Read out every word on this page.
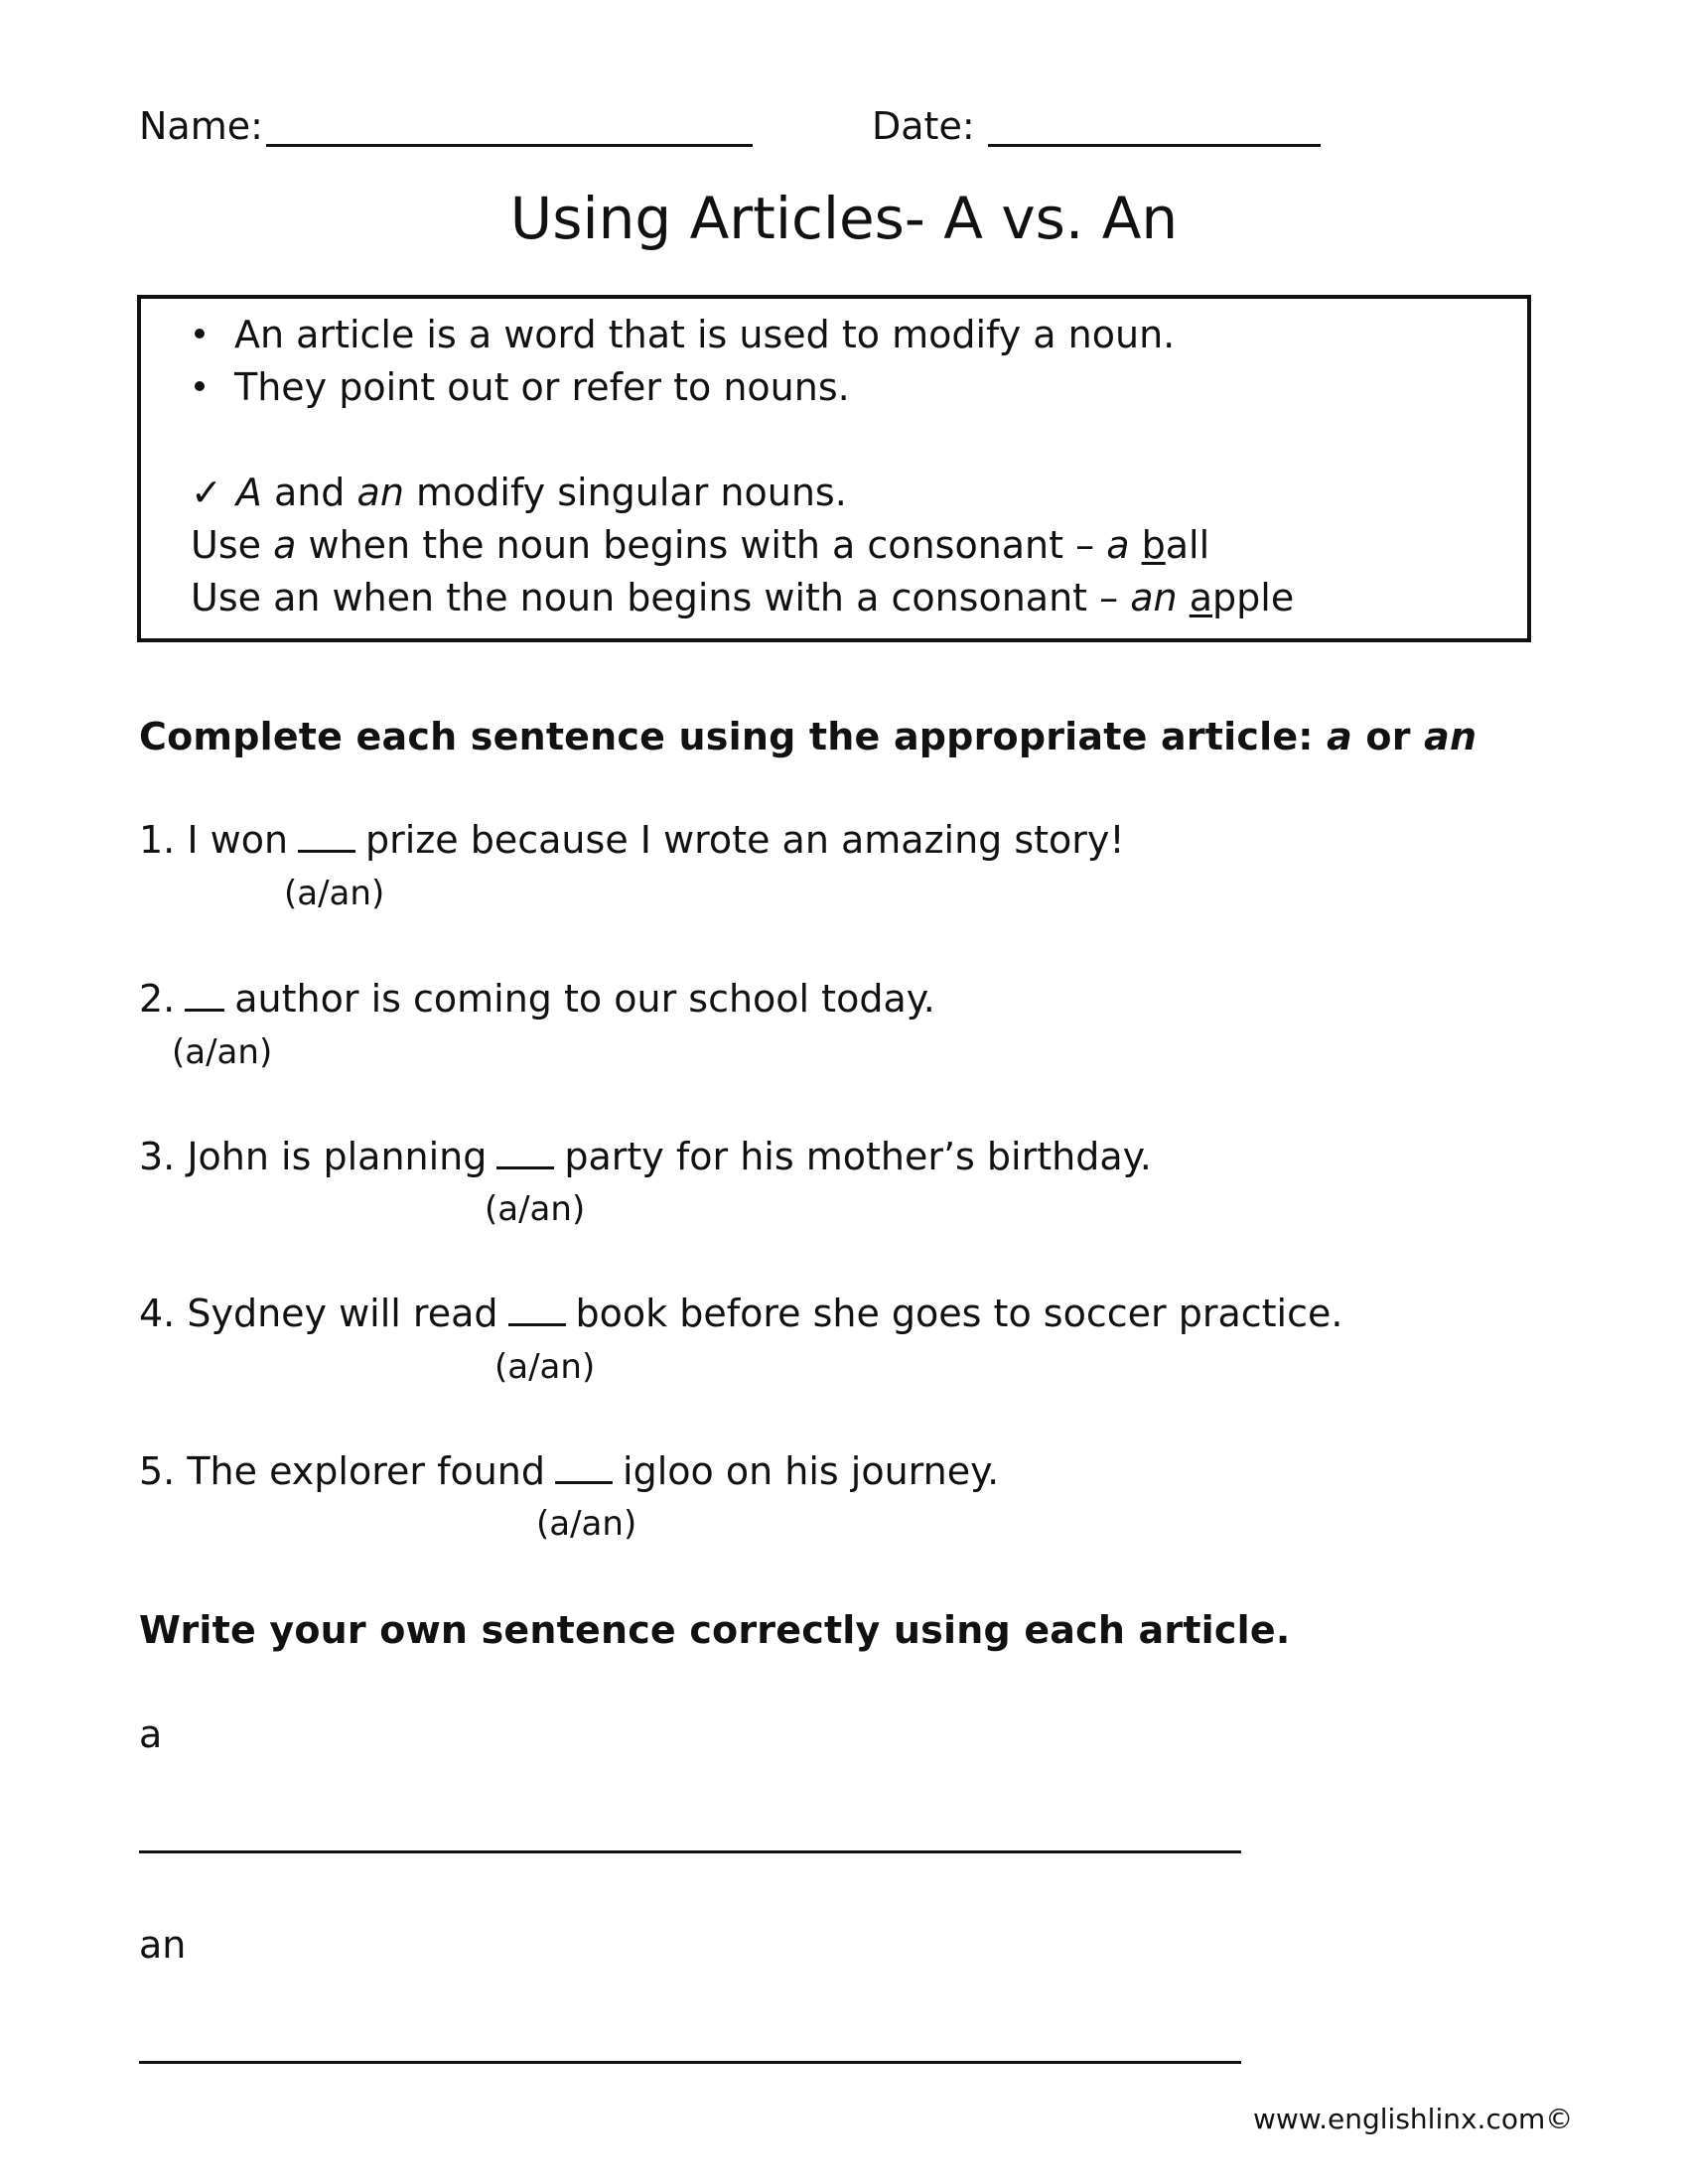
Name:	Date:
Using Articles- A vs. An
An article is a word that is used to modify a noun.
They point out or refer to nouns.
✓ A and an modify singular nouns.
Use a when the noun begins with a consonant – a ball
Use an when the noun begins with a consonant – an apple
Complete each sentence using the appropriate article: a or an
1. I won prize because I wrote an amazing story!
(a/an)
2. author is coming to our school today.
(a/an)
3. John is planning party for his mother’s birthday.
(a/an)
4. Sydney will read book before she goes to soccer practice.
(a/an)
5. The explorer found igloo on his journey.
(a/an)
Write your own sentence correctly using each article.
a
an
www.englishlinx.com©
